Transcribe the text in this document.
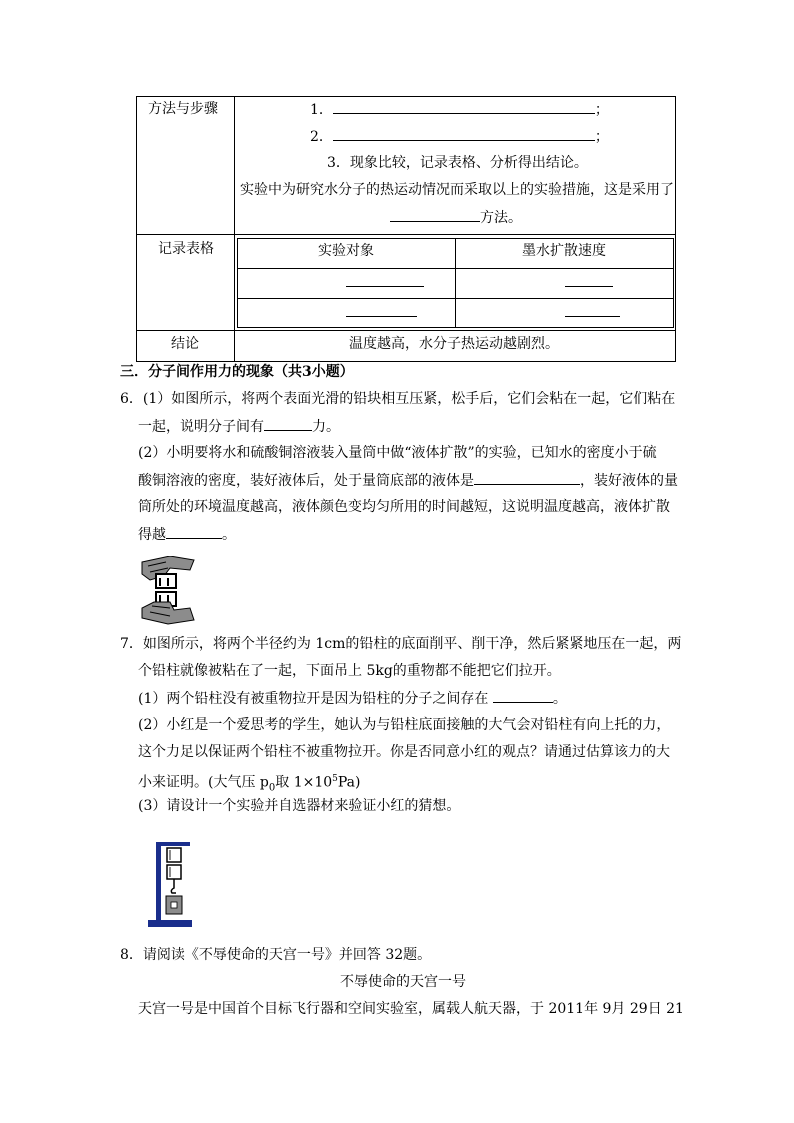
方法与步骤	1．	；
2．	；
3．现象比较，记录表格、分析得出结论。
实验中为研究水分子的热运动情况而采取以上的实验措施，这是采用了
方法。
记录表格	实验对象	墨水扩散速度
结论	温度越高，水分子热运动越剧烈。
三．分子间作用力的现象（共3小题）
6．(1）如图所示，将两个表面光滑的铅块相互压紧，松手后，它们会粘在一起，它们粘在
一起，说明分子间有	力。
(2）小明要将水和硫酸铜溶液装入量筒中做“液体扩散”的实验，已知水的密度小于硫
酸铜溶液的密度，装好液体后，处于量筒底部的液体是	，装好液体的量
筒所处的环境温度越高，液体颜色变均匀所用的时间越短，这说明温度越高，液体扩散
得越	。
7．如图所示，将两个半径约为 1cm的铅柱的底面削平、削干净，然后紧紧地压在一起，两
个铅柱就像被粘在了一起，下面吊上 5kg的重物都不能把它们拉开。
(1）两个铅柱没有被重物拉开是因为铅柱的分子之间存在	。
(2）小红是一个爱思考的学生，她认为与铅柱底面接触的大气会对铅柱有向上托的力，
这个力足以保证两个铅柱不被重物拉开。你是否同意小红的观点？请通过估算该力的大
小来证明。(大气压 $p_0$取 $1\times 10^5Pa$)
(3）请设计一个实验并自选器材来验证小红的猜想。
8．请阅读《不辱使命的天宫一号》并回答 32题。
不辱使命的天宫一号
天宫一号是中国首个目标飞行器和空间实验室，属载人航天器，于 2011年 9月 29日 21
